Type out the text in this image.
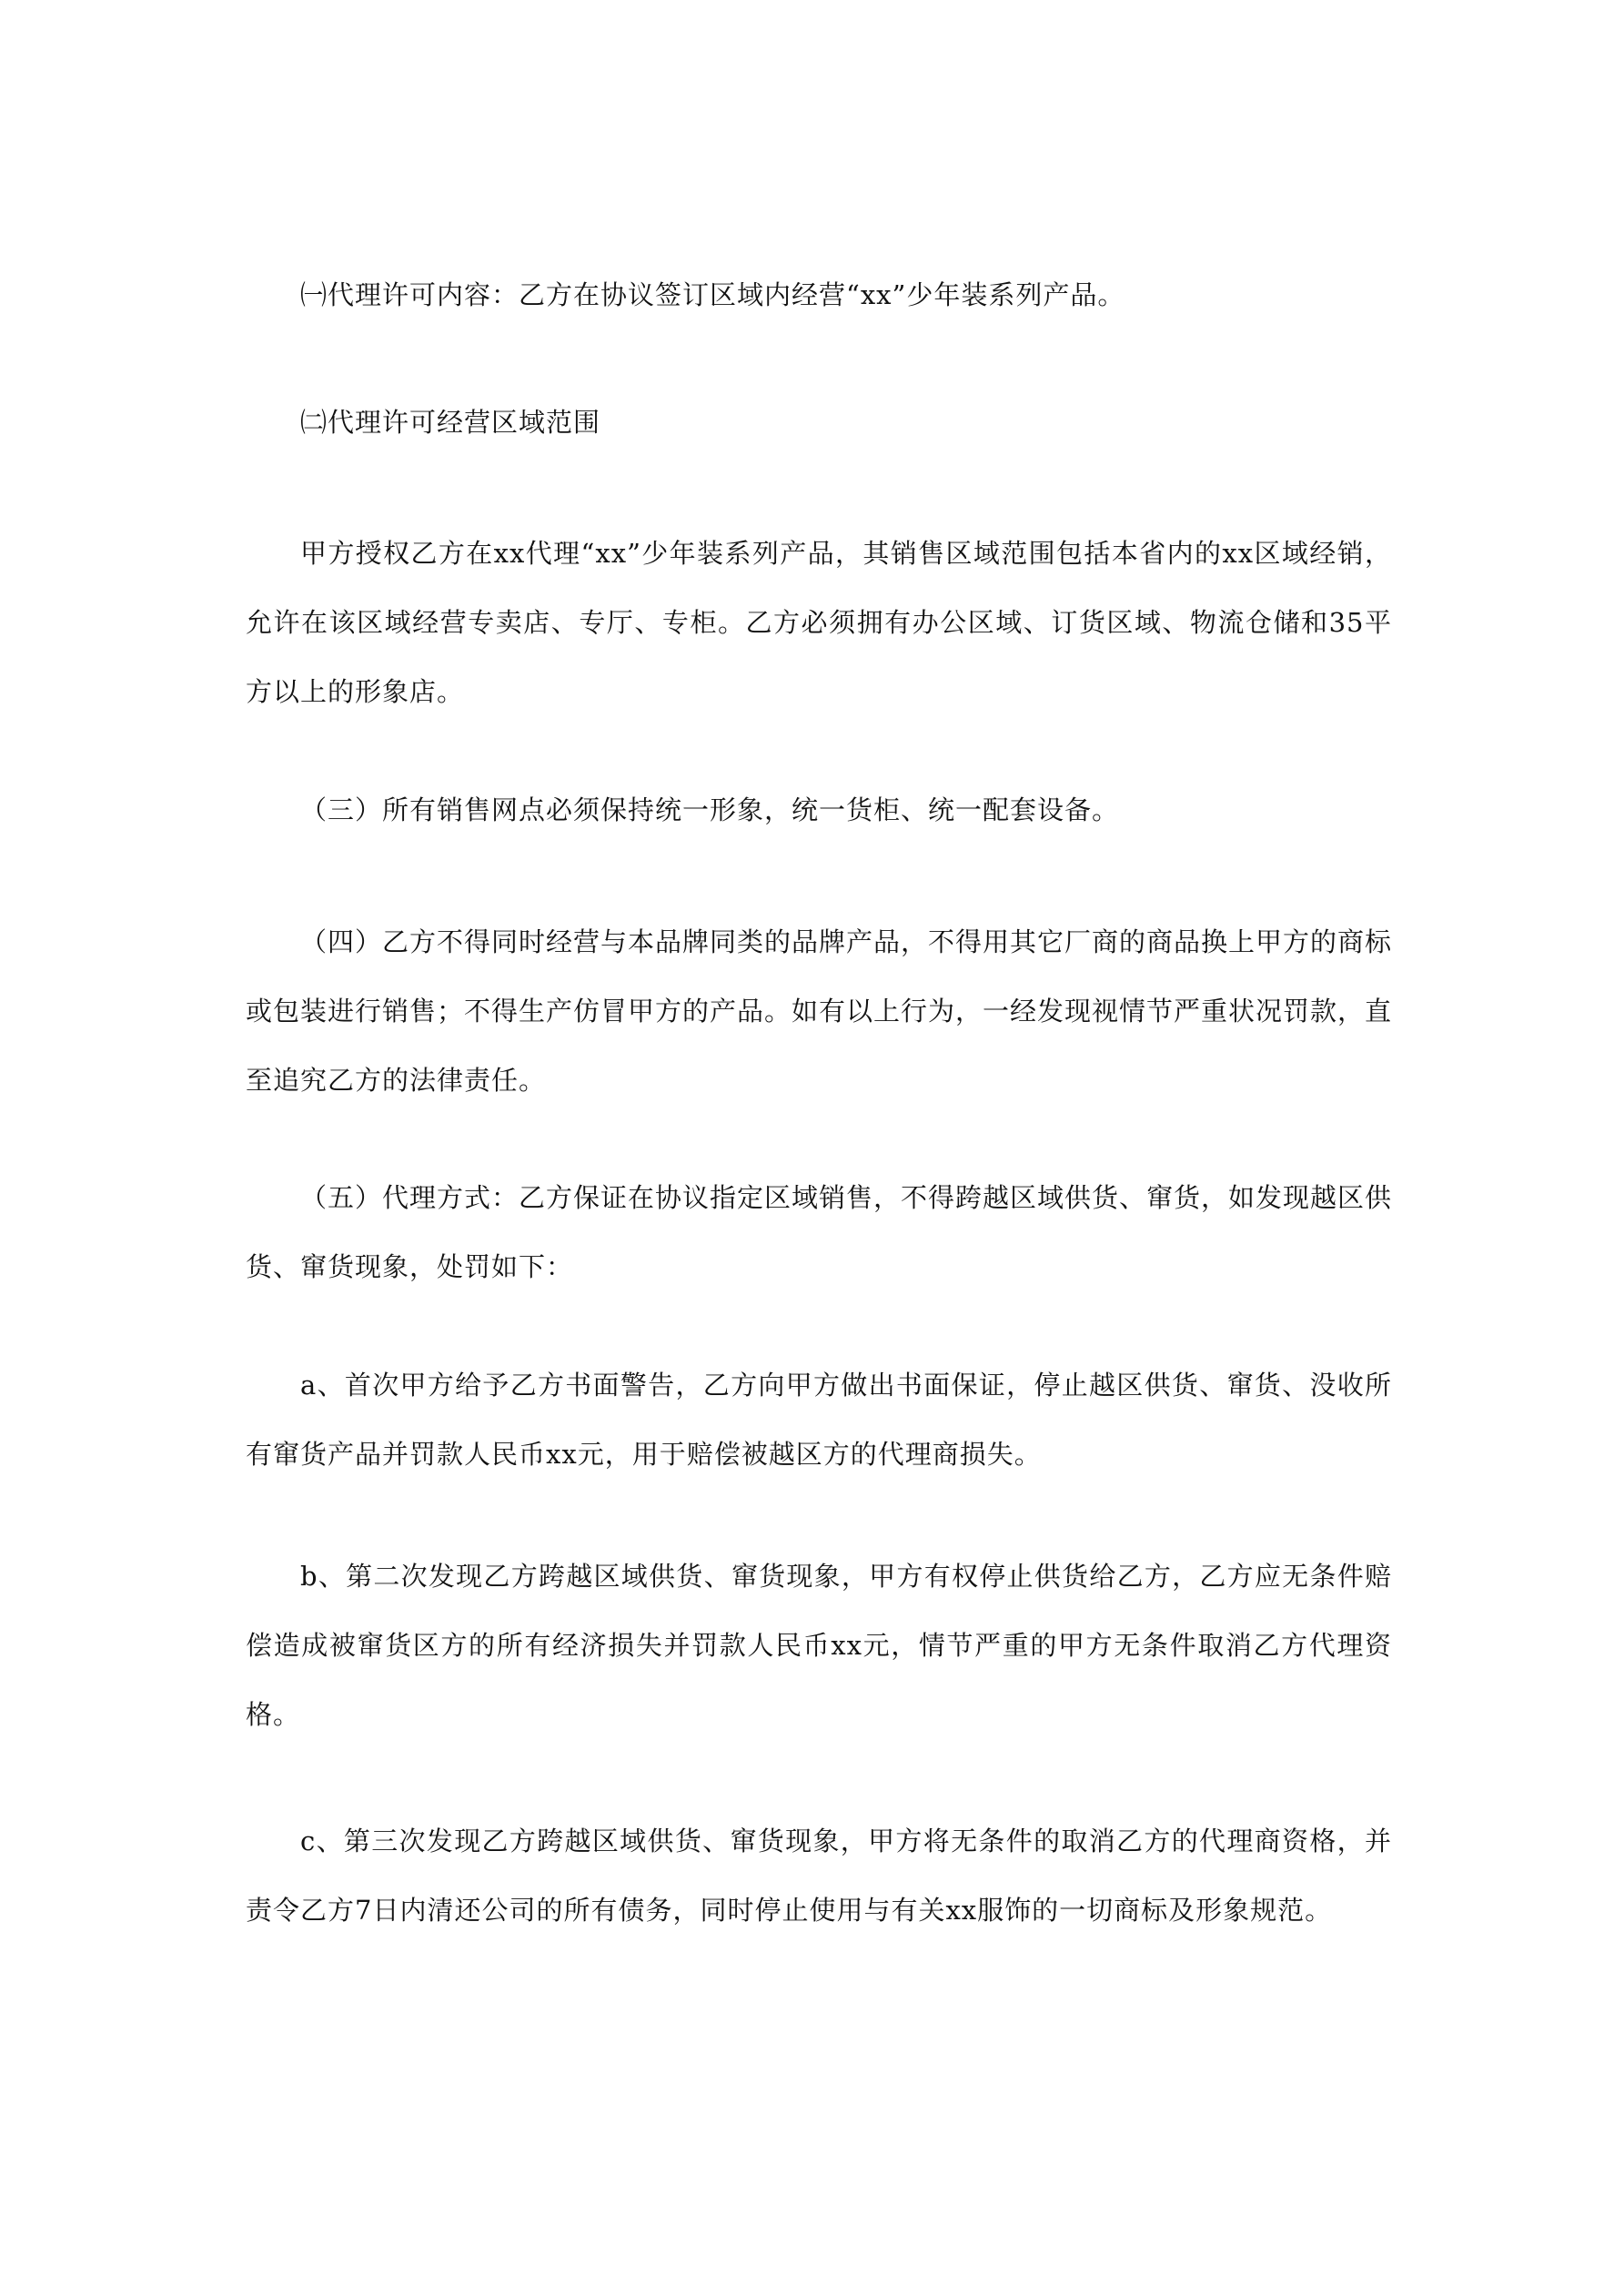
㈠代理许可内容：乙方在协议签订区域内经营“xx”少年装系列产品。

㈡代理许可经营区域范围

甲方授权乙方在xx代理“xx”少年装系列产品，其销售区域范围包括本省内的xx区域经销，允许在该区域经营专卖店、专厅、专柜。乙方必须拥有办公区域、订货区域、物流仓储和35平方以上的形象店。

（三）所有销售网点必须保持统一形象，统一货柜、统一配套设备。

（四）乙方不得同时经营与本品牌同类的品牌产品，不得用其它厂商的商品换上甲方的商标或包装进行销售；不得生产仿冒甲方的产品。如有以上行为，一经发现视情节严重状况罚款，直至追究乙方的法律责任。

（五）代理方式：乙方保证在协议指定区域销售，不得跨越区域供货、窜货，如发现越区供货、窜货现象，处罚如下：

a、首次甲方给予乙方书面警告，乙方向甲方做出书面保证，停止越区供货、窜货、没收所有窜货产品并罚款人民币xx元，用于赔偿被越区方的代理商损失。

b、第二次发现乙方跨越区域供货、窜货现象，甲方有权停止供货给乙方，乙方应无条件赔偿造成被窜货区方的所有经济损失并罚款人民币xx元，情节严重的甲方无条件取消乙方代理资格。

c、第三次发现乙方跨越区域供货、窜货现象，甲方将无条件的取消乙方的代理商资格，并责令乙方7日内清还公司的所有债务，同时停止使用与有关xx服饰的一切商标及形象规范。
